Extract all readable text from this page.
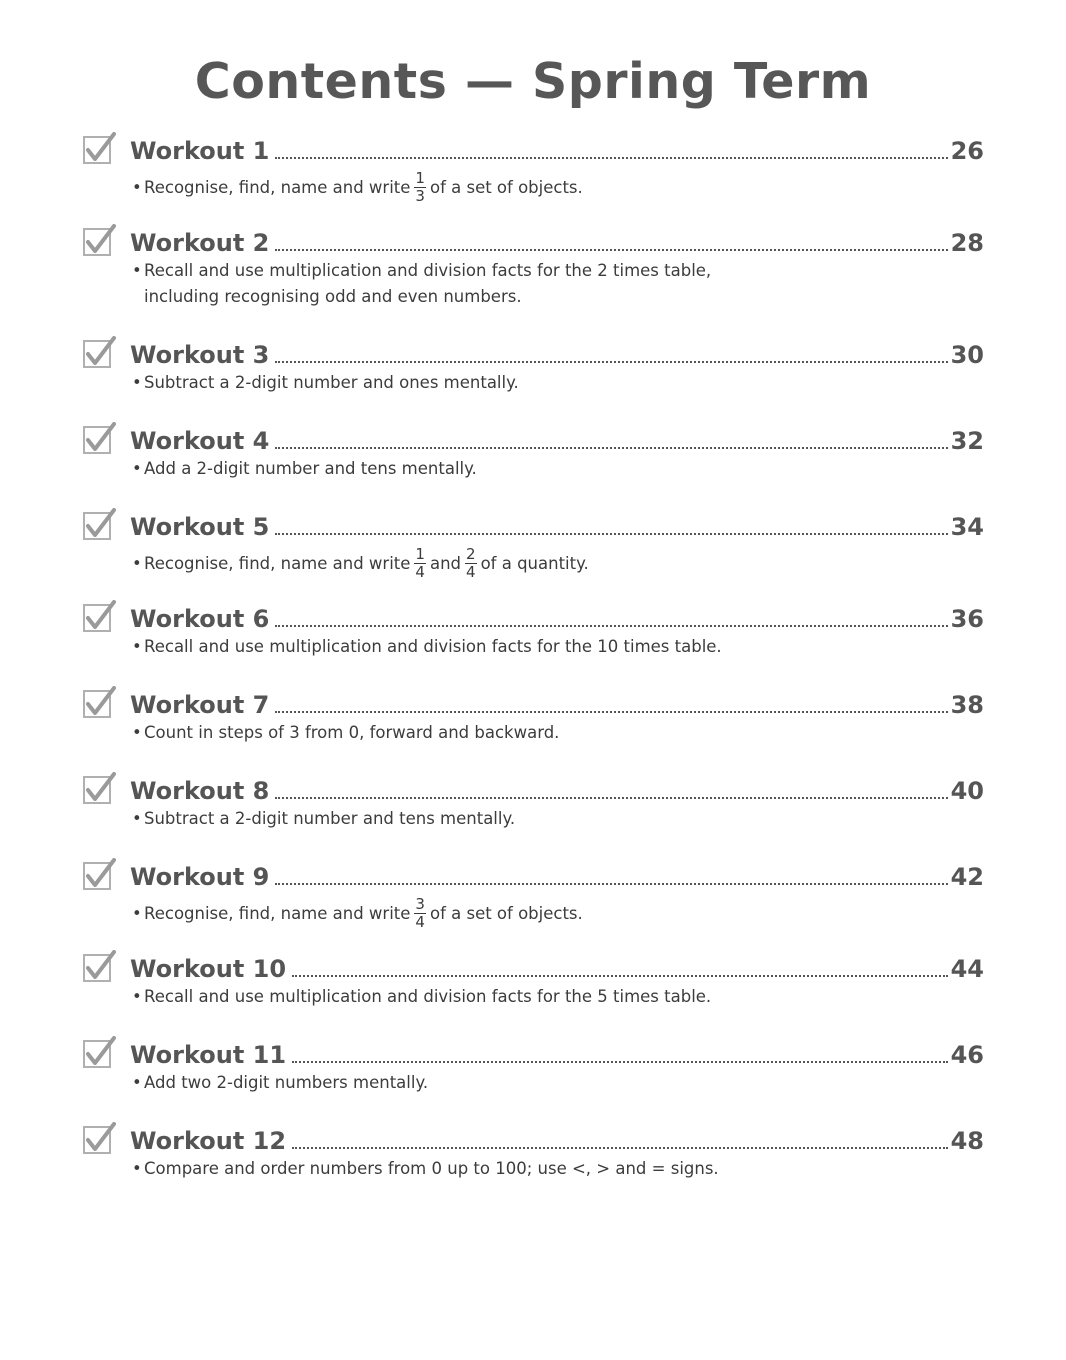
Contents — Spring Term
Workout 1	26
• Recognise, find, name and write $\frac{1}{3}$ of a set of objects.
Workout 2	28
• Recall and use multiplication and division facts for the 2 times table,
including recognising odd and even numbers.
Workout 3	30
• Subtract a 2-digit number and ones mentally.
Workout 4	32
• Add a 2-digit number and tens mentally.
Workout 5	34
• Recognise, find, name and write $\frac{1}{4}$ and $\frac{2}{4}$ of a quantity.
Workout 6	36
• Recall and use multiplication and division facts for the 10 times table.
Workout 7	38
• Count in steps of 3 from 0, forward and backward.
Workout 8	40
• Subtract a 2-digit number and tens mentally.
Workout 9	42
• Recognise, find, name and write $\frac{3}{4}$ of a set of objects.
Workout 10	44
• Recall and use multiplication and division facts for the 5 times table.
Workout 11	46
• Add two 2-digit numbers mentally.
Workout 12	48
• Compare and order numbers from 0 up to 100; use <, > and = signs.
